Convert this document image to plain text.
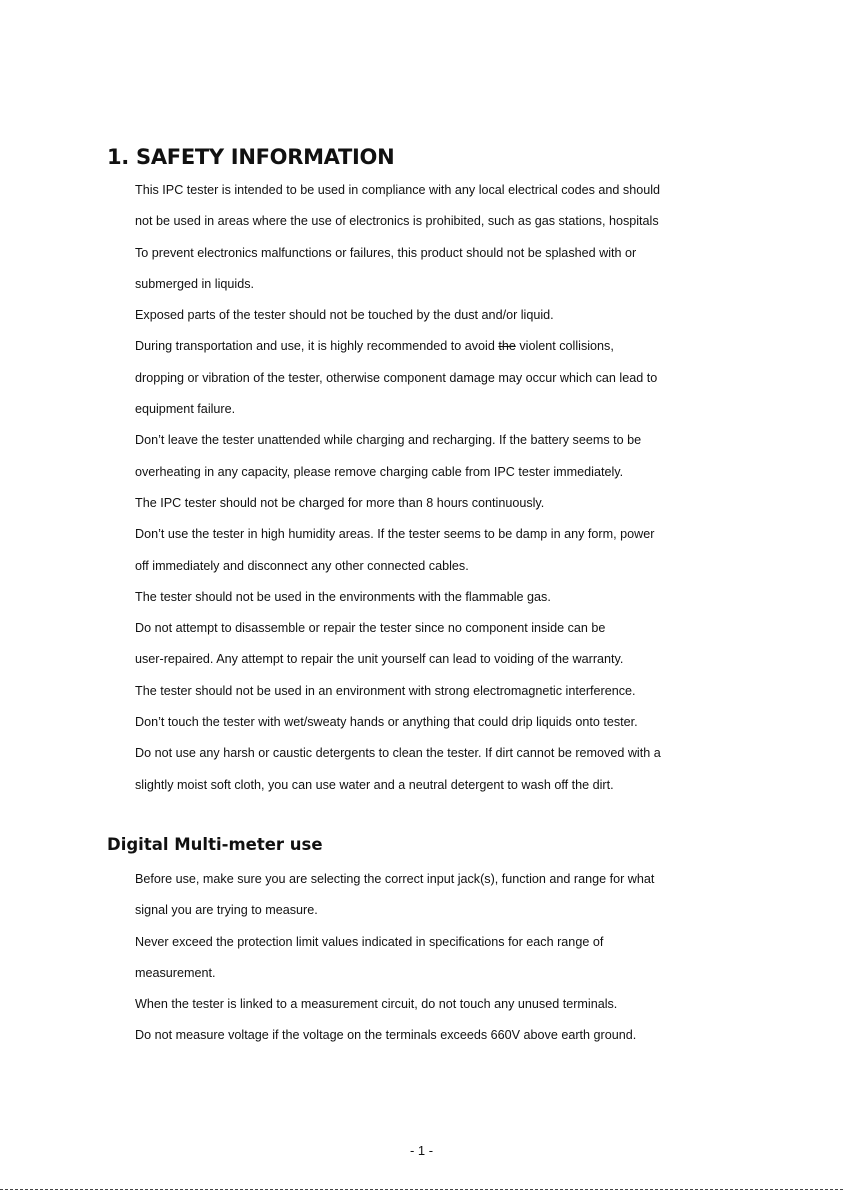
1. SAFETY INFORMATION
This IPC tester is intended to be used in compliance with any local electrical codes and should
not be used in areas where the use of electronics is prohibited, such as gas stations, hospitals
To prevent electronics malfunctions or failures, this product should not be splashed with or
submerged in liquids.
Exposed parts of the tester should not be touched by the dust and/or liquid.
During transportation and use, it is highly recommended to avoid the violent collisions,
dropping or vibration of the tester, otherwise component damage may occur which can lead to
equipment failure.
Don’t leave the tester unattended while charging and recharging. If the battery seems to be
overheating in any capacity, please remove charging cable from IPC tester immediately.
The IPC tester should not be charged for more than 8 hours continuously.
Don’t use the tester in high humidity areas. If the tester seems to be damp in any form, power
off immediately and disconnect any other connected cables.
The tester should not be used in the environments with the flammable gas.
Do not attempt to disassemble or repair the tester since no component inside can be
user-repaired. Any attempt to repair the unit yourself can lead to voiding of the warranty.
The tester should not be used in an environment with strong electromagnetic interference.
Don’t touch the tester with wet/sweaty hands or anything that could drip liquids onto tester.
Do not use any harsh or caustic detergents to clean the tester. If dirt cannot be removed with a
slightly moist soft cloth, you can use water and a neutral detergent to wash off the dirt.
Digital Multi-meter use
Before use, make sure you are selecting the correct input jack(s), function and range for what
signal you are trying to measure.
Never exceed the protection limit values indicated in specifications for each range of
measurement.
When the tester is linked to a measurement circuit, do not touch any unused terminals.
Do not measure voltage if the voltage on the terminals exceeds 660V above earth ground.
- 1 -
